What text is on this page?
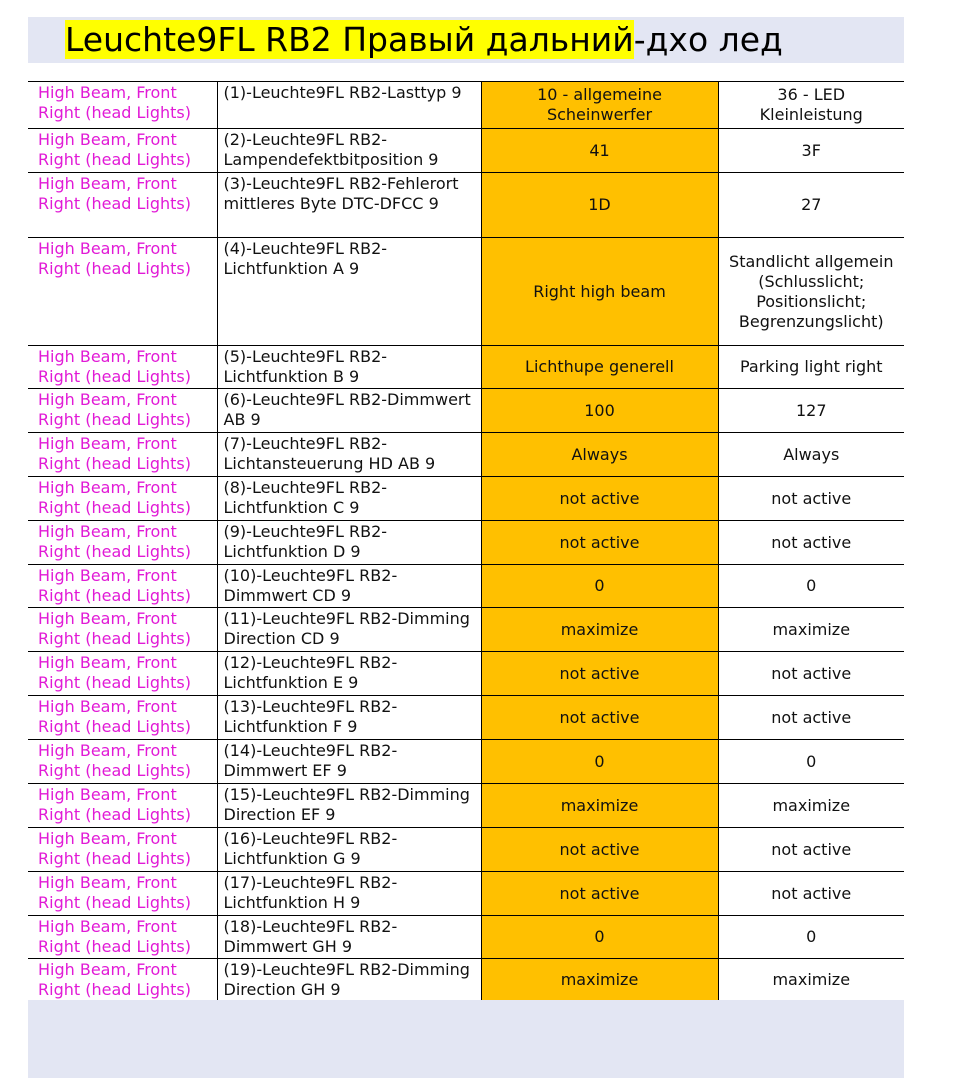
Leuchte9FL RB2 Правый дальний-дхо лед
High Beam, Front Right (head Lights)	(1)-Leuchte9FL RB2-Lasttyp 9	10 - allgemeine Scheinwerfer	36 - LED Kleinleistung
High Beam, Front Right (head Lights)	(2)-Leuchte9FL RB2-Lampendefektbitposition 9	41	3F
High Beam, Front Right (head Lights)	(3)-Leuchte9FL RB2-Fehlerort mittleres Byte DTC-DFCC 9	1D	27
High Beam, Front Right (head Lights)	(4)-Leuchte9FL RB2-Lichtfunktion A 9	Right high beam	Standlicht allgemein (Schlusslicht; Positionslicht; Begrenzungslicht)
High Beam, Front Right (head Lights)	(5)-Leuchte9FL RB2-Lichtfunktion B 9	Lichthupe generell	Parking light right
High Beam, Front Right (head Lights)	(6)-Leuchte9FL RB2-Dimmwert AB 9	100	127
High Beam, Front Right (head Lights)	(7)-Leuchte9FL RB2-Lichtansteuerung HD AB 9	Always	Always
High Beam, Front Right (head Lights)	(8)-Leuchte9FL RB2-Lichtfunktion C 9	not active	not active
High Beam, Front Right (head Lights)	(9)-Leuchte9FL RB2-Lichtfunktion D 9	not active	not active
High Beam, Front Right (head Lights)	(10)-Leuchte9FL RB2-Dimmwert CD 9	0	0
High Beam, Front Right (head Lights)	(11)-Leuchte9FL RB2-Dimming Direction CD 9	maximize	maximize
High Beam, Front Right (head Lights)	(12)-Leuchte9FL RB2-Lichtfunktion E 9	not active	not active
High Beam, Front Right (head Lights)	(13)-Leuchte9FL RB2-Lichtfunktion F 9	not active	not active
High Beam, Front Right (head Lights)	(14)-Leuchte9FL RB2-Dimmwert EF 9	0	0
High Beam, Front Right (head Lights)	(15)-Leuchte9FL RB2-Dimming Direction EF 9	maximize	maximize
High Beam, Front Right (head Lights)	(16)-Leuchte9FL RB2-Lichtfunktion G 9	not active	not active
High Beam, Front Right (head Lights)	(17)-Leuchte9FL RB2-Lichtfunktion H 9	not active	not active
High Beam, Front Right (head Lights)	(18)-Leuchte9FL RB2-Dimmwert GH 9	0	0
High Beam, Front Right (head Lights)	(19)-Leuchte9FL RB2-Dimming Direction GH 9	maximize	maximize
